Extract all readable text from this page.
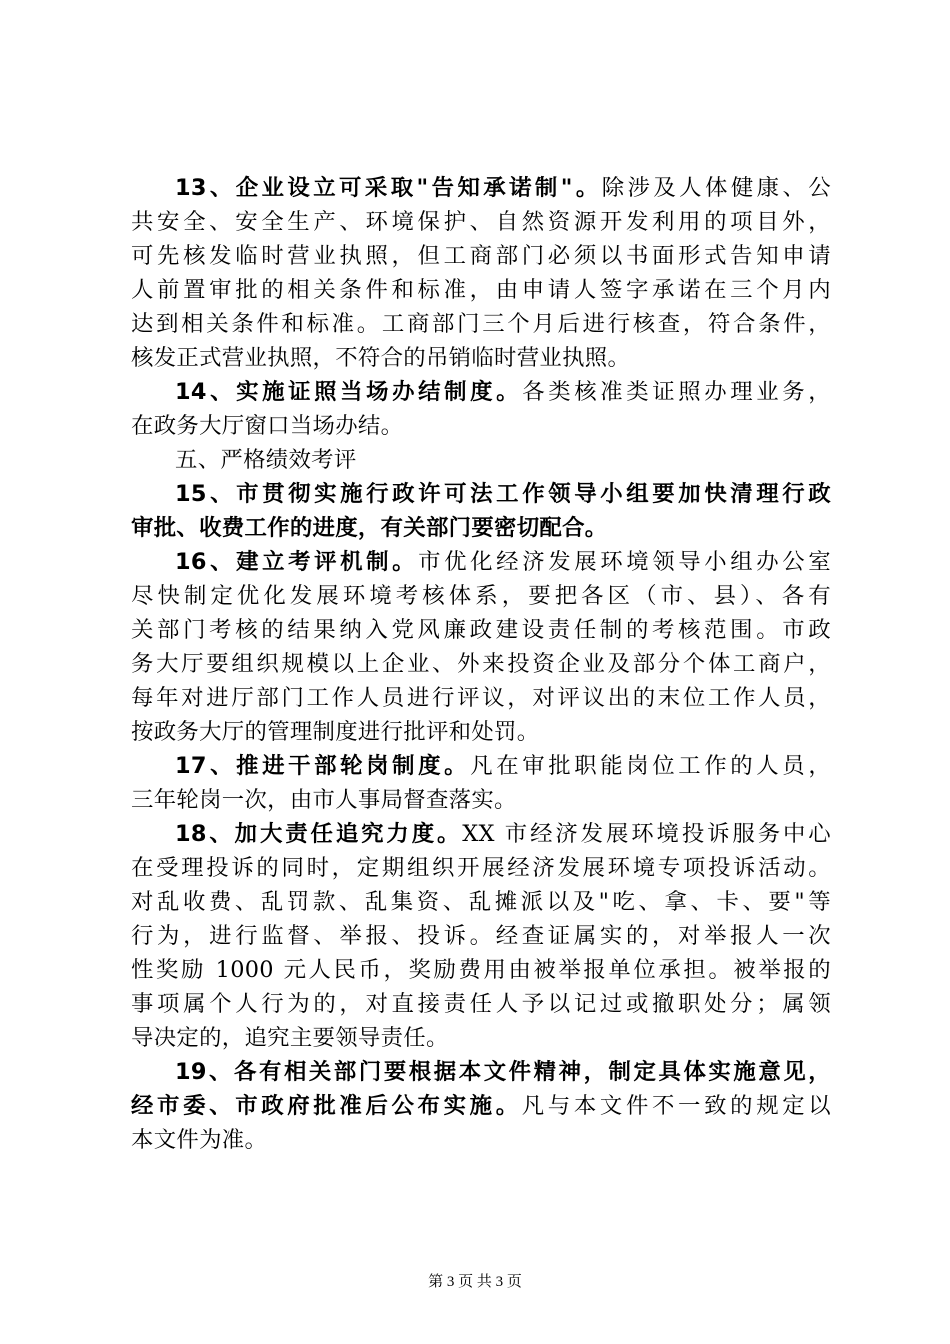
13、企业设立可采取"告知承诺制"。除涉及人体健康、公
共安全、安全生产、环境保护、自然资源开发利用的项目外，
可先核发临时营业执照，但工商部门必须以书面形式告知申请
人前置审批的相关条件和标准，由申请人签字承诺在三个月内
达到相关条件和标准。工商部门三个月后进行核查，符合条件，
核发正式营业执照，不符合的吊销临时营业执照。
14、实施证照当场办结制度。各类核准类证照办理业务，
在政务大厅窗口当场办结。
五、严格绩效考评
15、市贯彻实施行政许可法工作领导小组要加快清理行政
审批、收费工作的进度，有关部门要密切配合。
16、建立考评机制。市优化经济发展环境领导小组办公室
尽快制定优化发展环境考核体系，要把各区（市、县）、各有
关部门考核的结果纳入党风廉政建设责任制的考核范围。市政
务大厅要组织规模以上企业、外来投资企业及部分个体工商户，
每年对进厅部门工作人员进行评议，对评议出的末位工作人员，
按政务大厅的管理制度进行批评和处罚。
17、推进干部轮岗制度。凡在审批职能岗位工作的人员，
三年轮岗一次，由市人事局督查落实。
18、加大责任追究力度。XX 市经济发展环境投诉服务中心
在受理投诉的同时，定期组织开展经济发展环境专项投诉活动。
对乱收费、乱罚款、乱集资、乱摊派以及"吃、拿、卡、要"等
行为，进行监督、举报、投诉。经查证属实的，对举报人一次
性奖励 1000 元人民币，奖励费用由被举报单位承担。被举报的
事项属个人行为的，对直接责任人予以记过或撤职处分；属领
导决定的，追究主要领导责任。
19、各有相关部门要根据本文件精神，制定具体实施意见，
经市委、市政府批准后公布实施。凡与本文件不一致的规定以
本文件为准。
第 3 页 共 3 页
